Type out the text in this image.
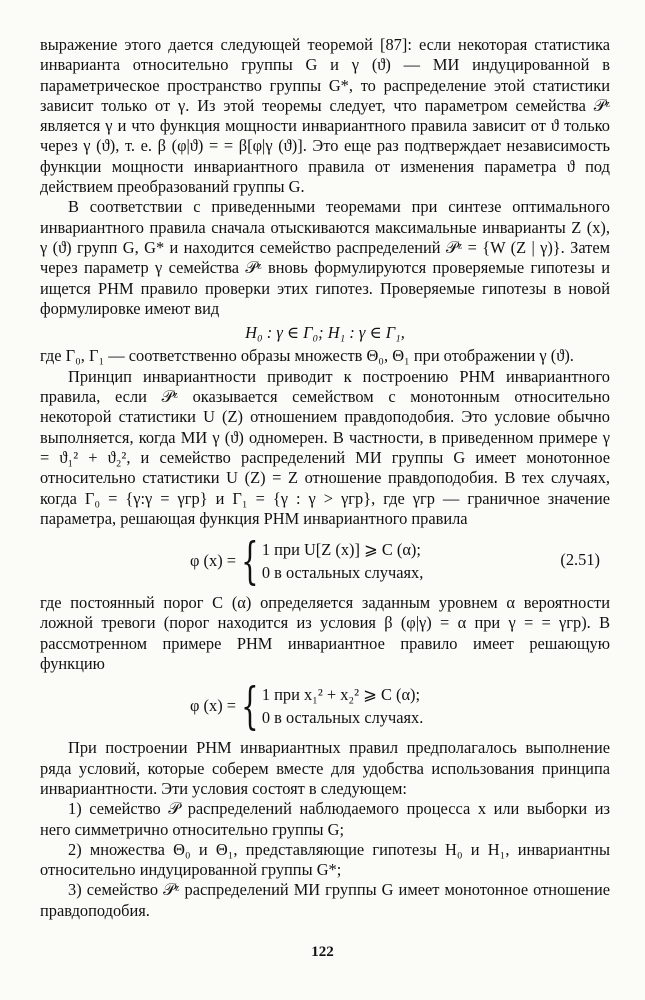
выражение этого дается следующей теоремой [87]: если некоторая статистика инварианта относительно группы G и γ (ϑ) — МИ индуцированной в параметрическое пространство группы G*, то распределение этой статистики зависит только от γ. Из этой теоремы следует, что параметром семейства 𝒫ᶻ является γ и что функция мощности инвариантного правила зависит от ϑ только через γ (ϑ), т. е. β (φ|ϑ) = = β[φ|γ (ϑ)]. Это еще раз подтверждает независимость функции мощности инвариантного правила от изменения параметра ϑ под действием преобразований группы G.

В соответствии с приведенными теоремами при синтезе оптимального инвариантного правила сначала отыскиваются максимальные инварианты Z (x), γ (ϑ) групп G, G* и находится семейство распределений 𝒫ᶻ = {W (Z | γ)}. Затем через параметр γ семейства 𝒫ᶻ вновь формулируются проверяемые гипотезы и ищется РНМ правило проверки этих гипотез. Проверяемые гипотезы в новой формулировке имеют вид

H₀ : γ ∈ Γ₀; H₁ : γ ∈ Γ₁,

где Γ₀, Γ₁ — соответственно образы множеств Θ₀, Θ₁ при отображении γ (ϑ).

Принцип инвариантности приводит к построению РНМ инвариантного правила, если 𝒫ᶻ оказывается семейством с монотонным относительно некоторой статистики U (Z) отношением правдоподобия. Это условие обычно выполняется, когда МИ γ (ϑ) одномерен. В частности, в приведенном примере γ = ϑ₁² + ϑ₂², и семейство распределений МИ группы G имеет монотонное относительно статистики U (Z) = Z отношение правдоподобия. В тех случаях, когда Γ₀ = {γ:γ = γгр} и Γ₁ = {γ : γ > γгр}, где γгр — граничное значение параметра, решающая функция РНМ инвариантного правила

φ (x) = { 1 при U[Z (x)] ⩾ C (α);
0 в остальных случаях,
(2.51)

где постоянный порог C (α) определяется заданным уровнем α вероятности ложной тревоги (порог находится из условия β (φ|γ) = α при γ = = γгр). В рассмотренном примере РНМ инвариантное правило имеет решающую функцию

φ (x) = { 1 при x₁² + x₂² ⩾ C (α);
0 в остальных случаях.

При построении РНМ инвариантных правил предполагалось выполнение ряда условий, которые соберем вместе для удобства использования принципа инвариантности. Эти условия состоят в следующем:

1) семейство 𝒫 распределений наблюдаемого процесса x или выборки из него симметрично относительно группы G;

2) множества Θ₀ и Θ₁, представляющие гипотезы H₀ и H₁, инвариантны относительно индуцированной группы G*;

3) семейство 𝒫ᶻ распределений МИ группы G имеет монотонное отношение правдоподобия.

122
